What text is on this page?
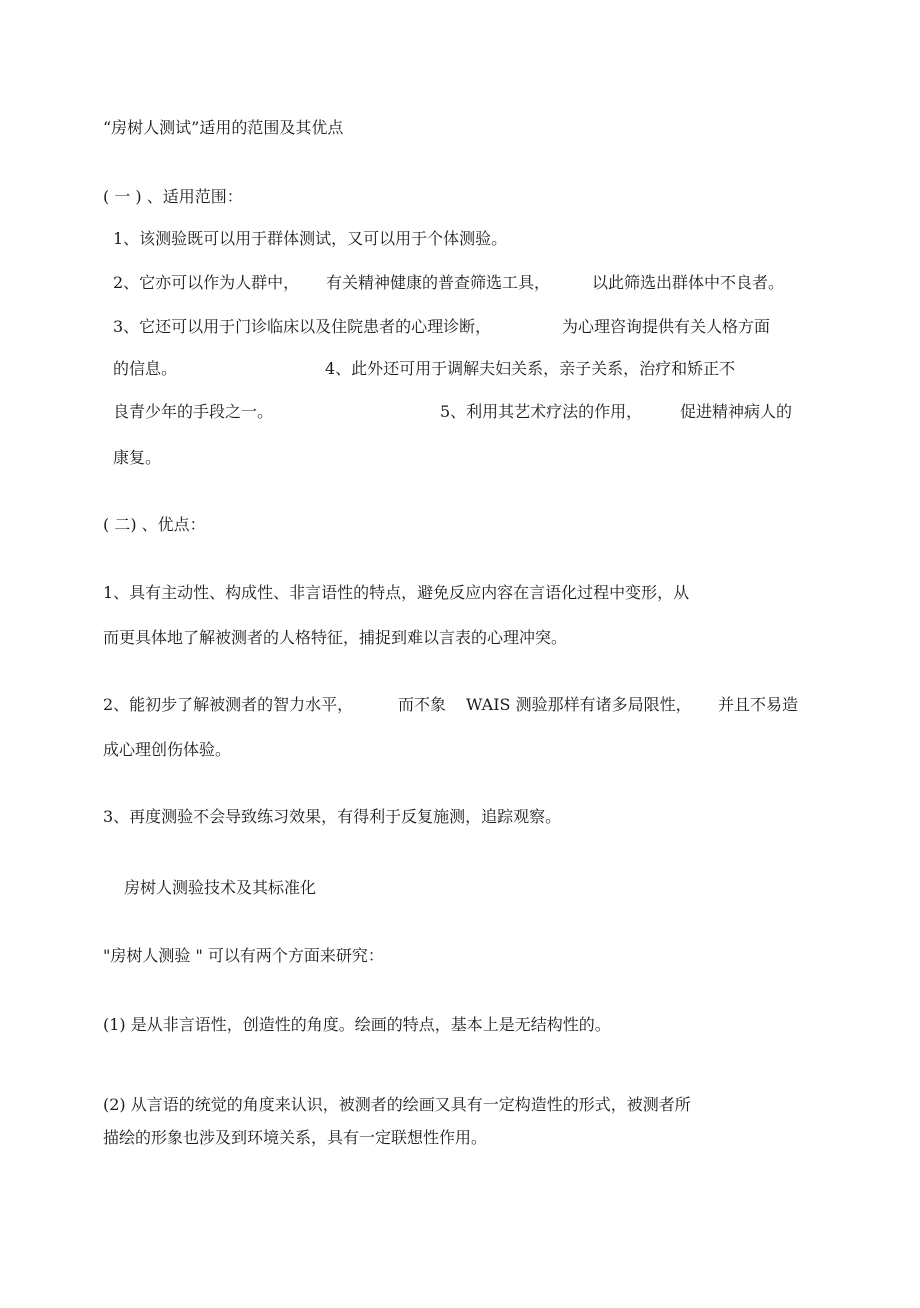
“房树人测试”适用的范围及其优点
( 一 ) 、适用范围：
1、该测验既可以用于群体测试，又可以用于个体测验。
2、它亦可以作为人群中， 有关精神健康的普查筛选工具，	以此筛选出群体中不良者。
3、它还可以用于门诊临床以及住院患者的心理诊断，	为心理咨询提供有关人格方面
的信息。	4、此外还可用于调解夫妇关系，亲子关系，治疗和矫正不
良青少年的手段之一。	5、利用其艺术疗法的作用， 促进精神病人的
康复。
( 二) 、优点：
1、具有主动性、构成性、非言语性的特点，避免反应内容在言语化过程中变形，从
而更具体地了解被测者的人格特征，捕捉到难以言表的心理冲突。
2、能初步了解被测者的智力水平，	而不象 WAIS 测验那样有诸多局限性， 并且不易造
成心理创伤体验。
3、再度测验不会导致练习效果，有得利于反复施测，追踪观察。
房树人测验技术及其标准化
"房树人测验 " 可以有两个方面来研究：
(1) 是从非言语性，创造性的角度。绘画的特点，基本上是无结构性的。
(2) 从言语的统觉的角度来认识，被测者的绘画又具有一定构造性的形式，被测者所
描绘的形象也涉及到环境关系，具有一定联想性作用。
